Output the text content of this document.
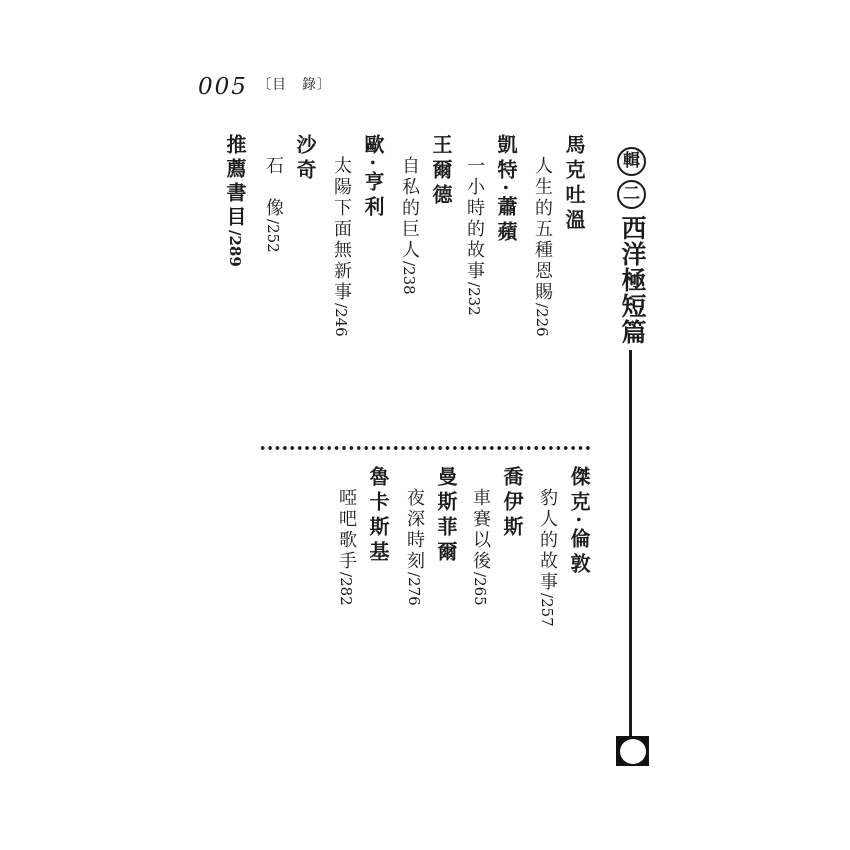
005 〔目　錄〕
輯
二
西洋極短篇
馬克吐溫
人生的五種恩賜/226
凱特·蕭蘋
一小時的故事/232
王爾德
自私的巨人/238
歐·亨利
太陽下面無新事/246
沙奇
石　像/252
推薦書目/289
傑克·倫敦
豹人的故事/257
喬伊斯
車賽以後/265
曼斯菲爾
夜深時刻/276
魯卡斯基
啞吧歌手/282
